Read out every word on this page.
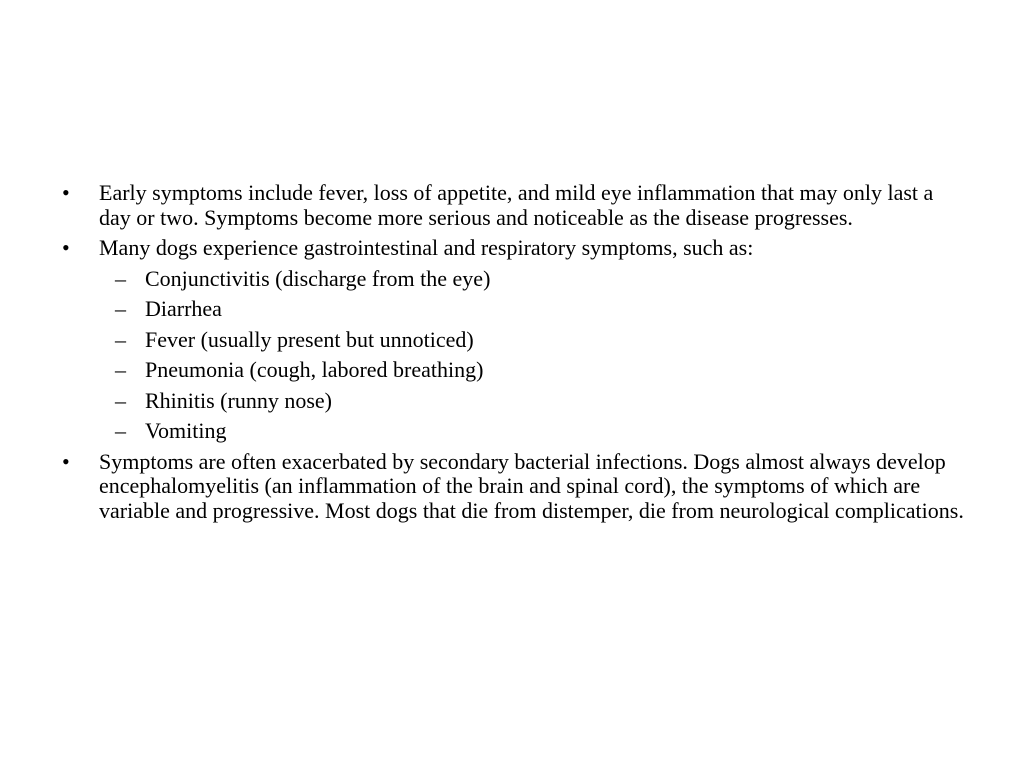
• Early symptoms include fever, loss of appetite, and mild eye inflammation that may only last a day or two. Symptoms become more serious and noticeable as the disease progresses.
• Many dogs experience gastrointestinal and respiratory symptoms, such as:
– Conjunctivitis (discharge from the eye)
– Diarrhea
– Fever (usually present but unnoticed)
– Pneumonia (cough, labored breathing)
– Rhinitis (runny nose)
– Vomiting
• Symptoms are often exacerbated by secondary bacterial infections. Dogs almost always develop encephalomyelitis (an inflammation of the brain and spinal cord), the symptoms of which are variable and progressive. Most dogs that die from distemper, die from neurological complications.
